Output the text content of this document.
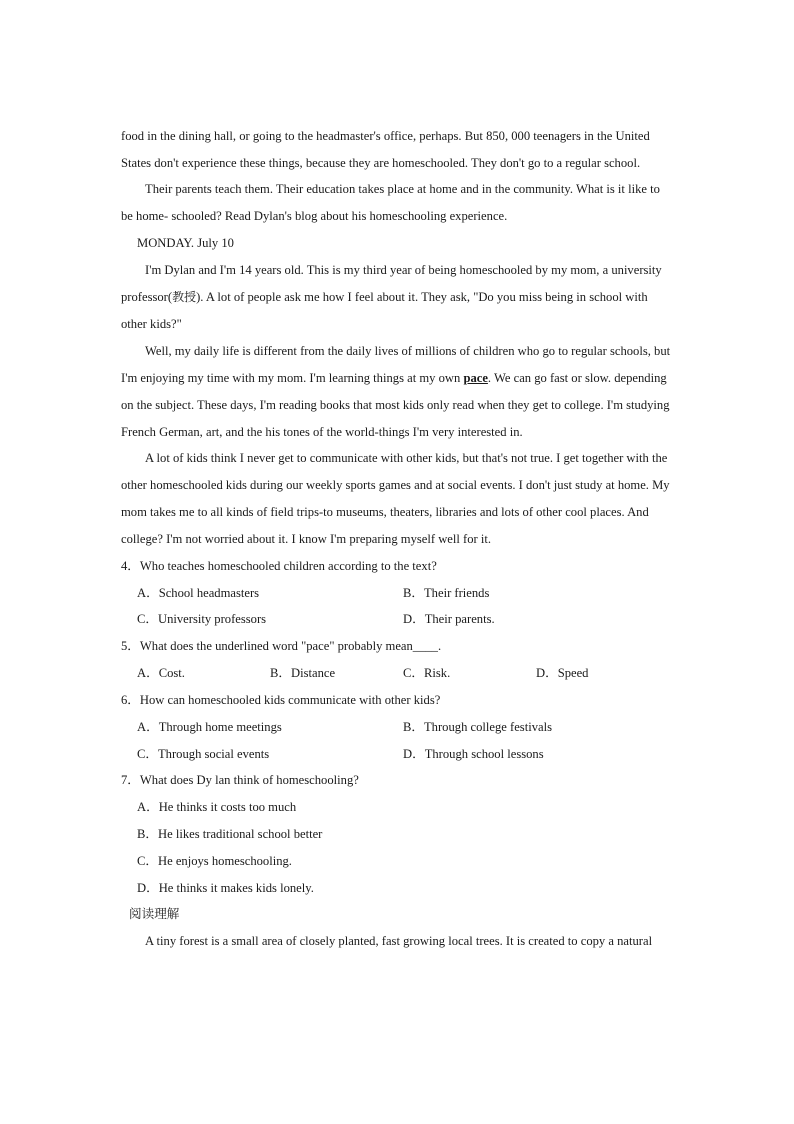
food in the dining hall, or going to the headmaster's office, perhaps. But 850, 000 teenagers in the United
States don't experience these things, because they are homeschooled. They don't go to a regular school.
Their parents teach them. Their education takes place at home and in the community. What is it like to
be home- schooled? Read Dylan's blog about his homeschooling experience.
MONDAY. July 10
I'm Dylan and I'm 14 years old. This is my third year of being homeschooled by my mom, a university
professor(教授). A lot of people ask me how I feel about it. They ask, "Do you miss being in school with
other kids?"
Well, my daily life is different from the daily lives of millions of children who go to regular schools, but
I'm enjoying my time with my mom. I'm learning things at my own pace. We can go fast or slow. depending
on the subject. These days, I'm reading books that most kids only read when they get to college. I'm studying
French German, art, and the his tones of the world-things I'm very interested in.
A lot of kids think I never get to communicate with other kids, but that's not true. I get together with the
other homeschooled kids during our weekly sports games and at social events. I don't just study at home. My
mom takes me to all kinds of field trips-to museums, theaters, libraries and lots of other cool places. And
college? I'm not worried about it. I know I'm preparing myself well for it.
4．Who teaches homeschooled children according to the text?
A．School headmasters	B．Their friends
C．University professors	D．Their parents.
5．What does the underlined word "pace" probably mean____.
A．Cost.	B．Distance	C．Risk.	D．Speed
6．How can homeschooled kids communicate with other kids?
A．Through home meetings	B．Through college festivals
C．Through social events	D．Through school lessons
7．What does Dy lan think of homeschooling?
A．He thinks it costs too much
B．He likes traditional school better
C．He enjoys homeschooling.
D．He thinks it makes kids lonely.
阅读理解
A tiny forest is a small area of closely planted, fast growing local trees. It is created to copy a natural
